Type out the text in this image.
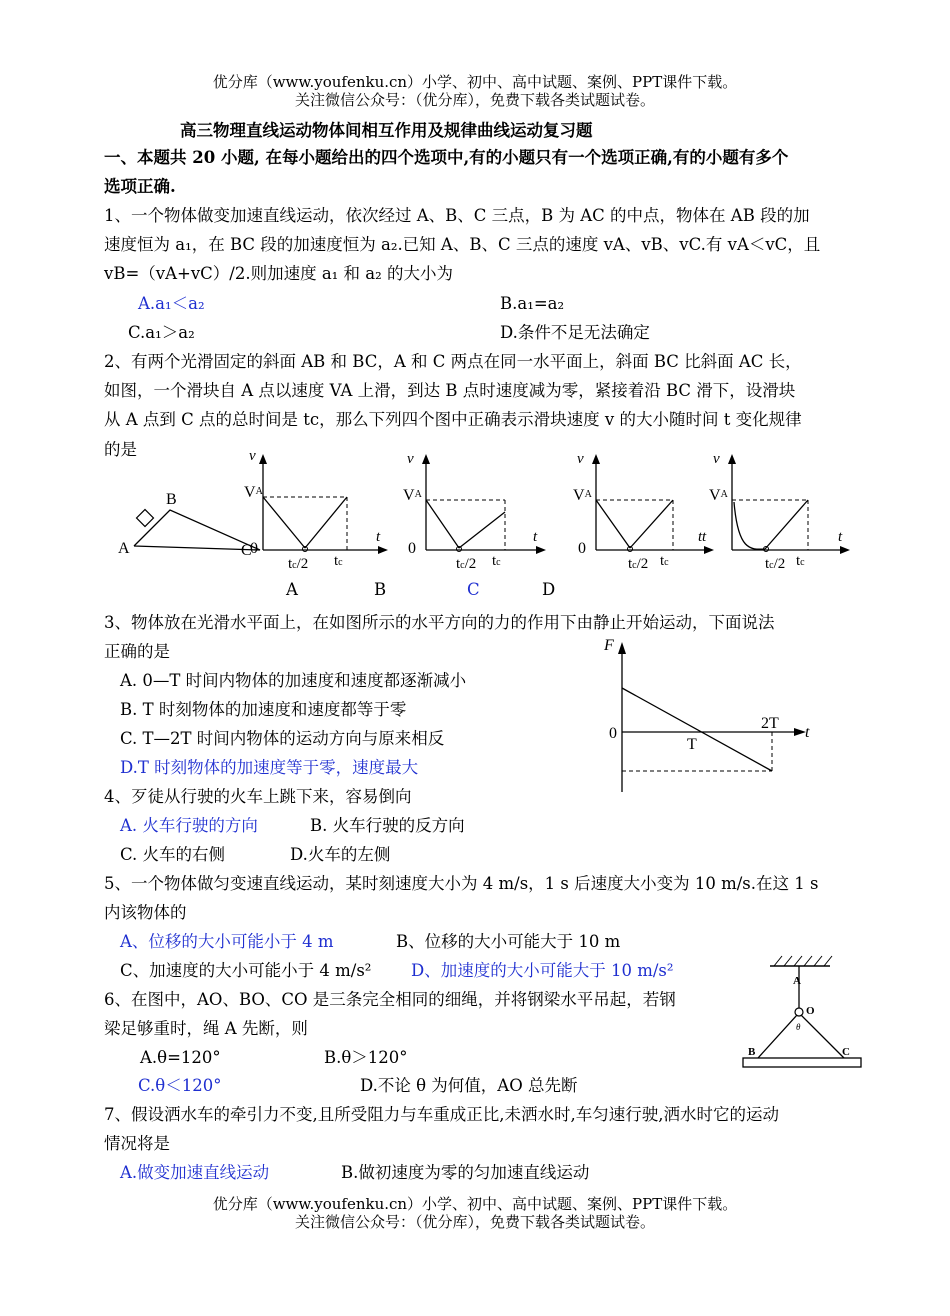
优分库（www.youfenku.cn）小学、初中、高中试题、案例、PPT课件下载。
关注微信公众号：（优分库），免费下载各类试题试卷。
高三物理直线运动物体间相互作用及规律曲线运动复习题
一、本题共 20 小题, 在每小题给出的四个选项中,有的小题只有一个选项正确,有的小题有多个
选项正确.
1、一个物体做变加速直线运动，依次经过 A、B、C 三点，B 为 AC 的中点，物体在 AB 段的加
速度恒为 a₁，在 BC 段的加速度恒为 a₂.已知 A、B、C 三点的速度 vA、vB、vC.有 vA＜vC，且
vB=（vA+vC）/2.则加速度 a₁ 和 a₂ 的大小为
A.a₁＜a₂	B.a₁=a₂
C.a₁＞a₂	D.条件不足无法确定
2、有两个光滑固定的斜面 AB 和 BC，A 和 C 两点在同一水平面上，斜面 BC 比斜面 AC 长，
如图，一个滑块自 A 点以速度 VA 上滑，到达 B 点时速度减为零，紧接着沿 BC 滑下，设滑块
从 A 点到 C 点的总时间是 tc，那么下列四个图中正确表示滑块速度 v 的大小随时间 t 变化规律
的是
B
A	C
v
t
0
VA
tc/2 tc
v
t
0
VA
tc/2 tc
v
t
0
VA
tc/2 tc
v
t
t
VA
tc/2 tc
A	B	C	D
3、物体放在光滑水平面上，在如图所示的水平方向的力的作用下由静止开始运动，下面说法
正确的是
A. 0—T 时间内物体的加速度和速度都逐渐减小
B. T 时刻物体的加速度和速度都等于零
C. T—2T 时间内物体的运动方向与原来相反
D.T 时刻物体的加速度等于零，速度最大
F
t
0
T
2T
4、歹徒从行驶的火车上跳下来，容易倒向
A. 火车行驶的方向	B. 火车行驶的反方向
C. 火车的右侧	D.火车的左侧
5、一个物体做匀变速直线运动，某时刻速度大小为 4 m/s，1 s 后速度大小变为 10 m/s.在这 1 s
内该物体的
A、位移的大小可能小于 4 m	B、位移的大小可能大于 10 m
C、加速度的大小可能小于 4 m/s² D、加速度的大小可能大于 10 m/s²
6、在图中，AO、BO、CO 是三条完全相同的细绳，并将钢梁水平吊起，若钢
梁足够重时，绳 A 先断，则
A.θ=120°	B.θ＞120°
C.θ＜120°	D.不论 θ 为何值，AO 总先断
A
O
θ
B	C
7、假设洒水车的牵引力不变,且所受阻力与车重成正比,未洒水时,车匀速行驶,洒水时它的运动
情况将是
A.做变加速直线运动	B.做初速度为零的匀加速直线运动
优分库（www.youfenku.cn）小学、初中、高中试题、案例、PPT课件下载。
关注微信公众号：（优分库），免费下载各类试题试卷。
